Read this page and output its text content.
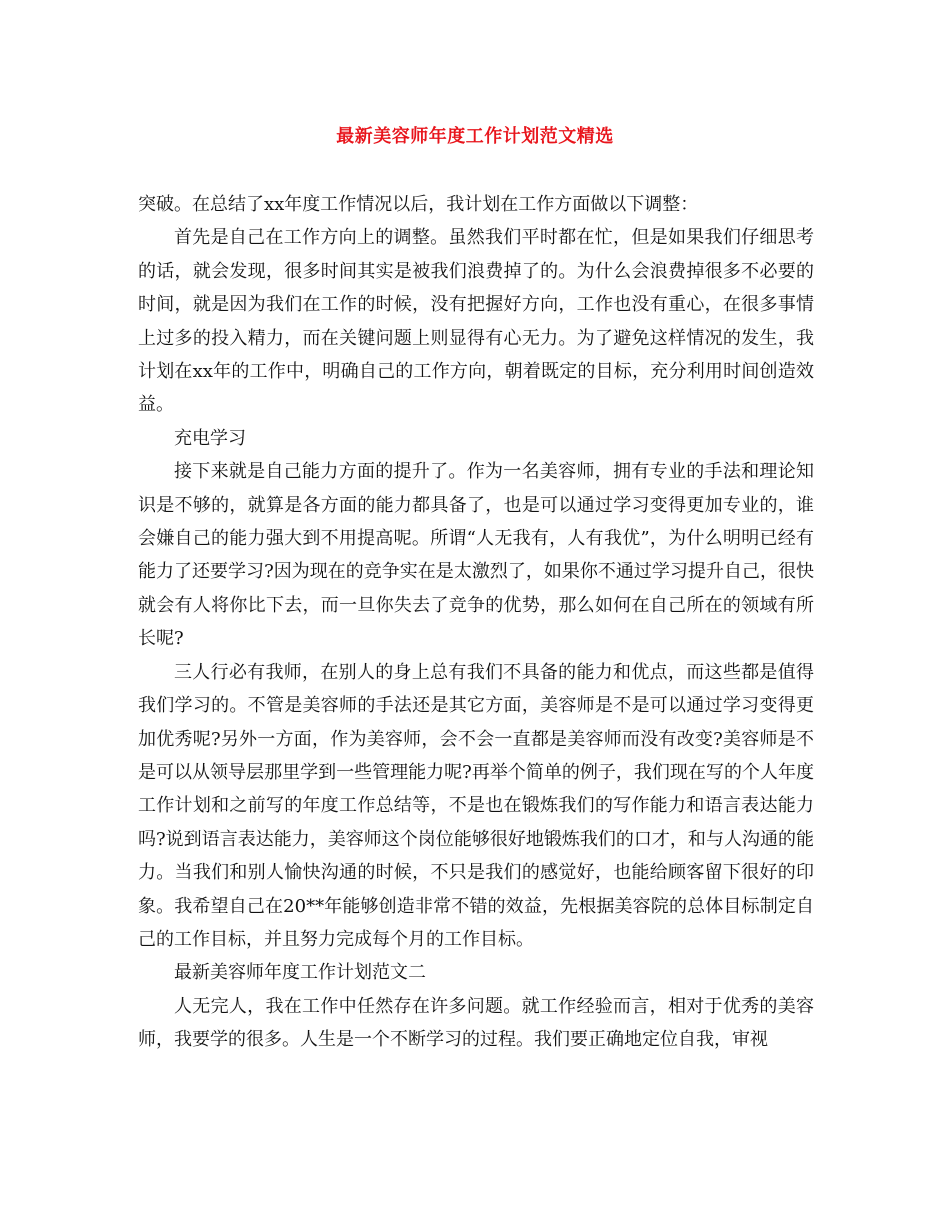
最新美容师年度工作计划范文精选

突破。在总结了xx年度工作情况以后，我计划在工作方面做以下调整：

首先是自己在工作方向上的调整。虽然我们平时都在忙，但是如果我们仔细思考的话，就会发现，很多时间其实是被我们浪费掉了的。为什么会浪费掉很多不必要的时间，就是因为我们在工作的时候，没有把握好方向，工作也没有重心，在很多事情上过多的投入精力，而在关键问题上则显得有心无力。为了避免这样情况的发生，我计划在xx年的工作中，明确自己的工作方向，朝着既定的目标，充分利用时间创造效益。

充电学习

接下来就是自己能力方面的提升了。作为一名美容师，拥有专业的手法和理论知识是不够的，就算是各方面的能力都具备了，也是可以通过学习变得更加专业的，谁会嫌自己的能力强大到不用提高呢。所谓“人无我有，人有我优”，为什么明明已经有能力了还要学习?因为现在的竞争实在是太激烈了，如果你不通过学习提升自己，很快就会有人将你比下去，而一旦你失去了竞争的优势，那么如何在自己所在的领域有所长呢?

三人行必有我师，在别人的身上总有我们不具备的能力和优点，而这些都是值得我们学习的。不管是美容师的手法还是其它方面，美容师是不是可以通过学习变得更加优秀呢?另外一方面，作为美容师，会不会一直都是美容师而没有改变?美容师是不是可以从领导层那里学到一些管理能力呢?再举个简单的例子，我们现在写的个人年度工作计划和之前写的年度工作总结等，不是也在锻炼我们的写作能力和语言表达能力吗?说到语言表达能力，美容师这个岗位能够很好地锻炼我们的口才，和与人沟通的能力。当我们和别人愉快沟通的时候，不只是我们的感觉好，也能给顾客留下很好的印象。我希望自己在20**年能够创造非常不错的效益，先根据美容院的总体目标制定自己的工作目标，并且努力完成每个月的工作目标。

最新美容师年度工作计划范文二

人无完人，我在工作中任然存在许多问题。就工作经验而言，相对于优秀的美容师，我要学的很多。人生是一个不断学习的过程。我们要正确地定位自我，审视
